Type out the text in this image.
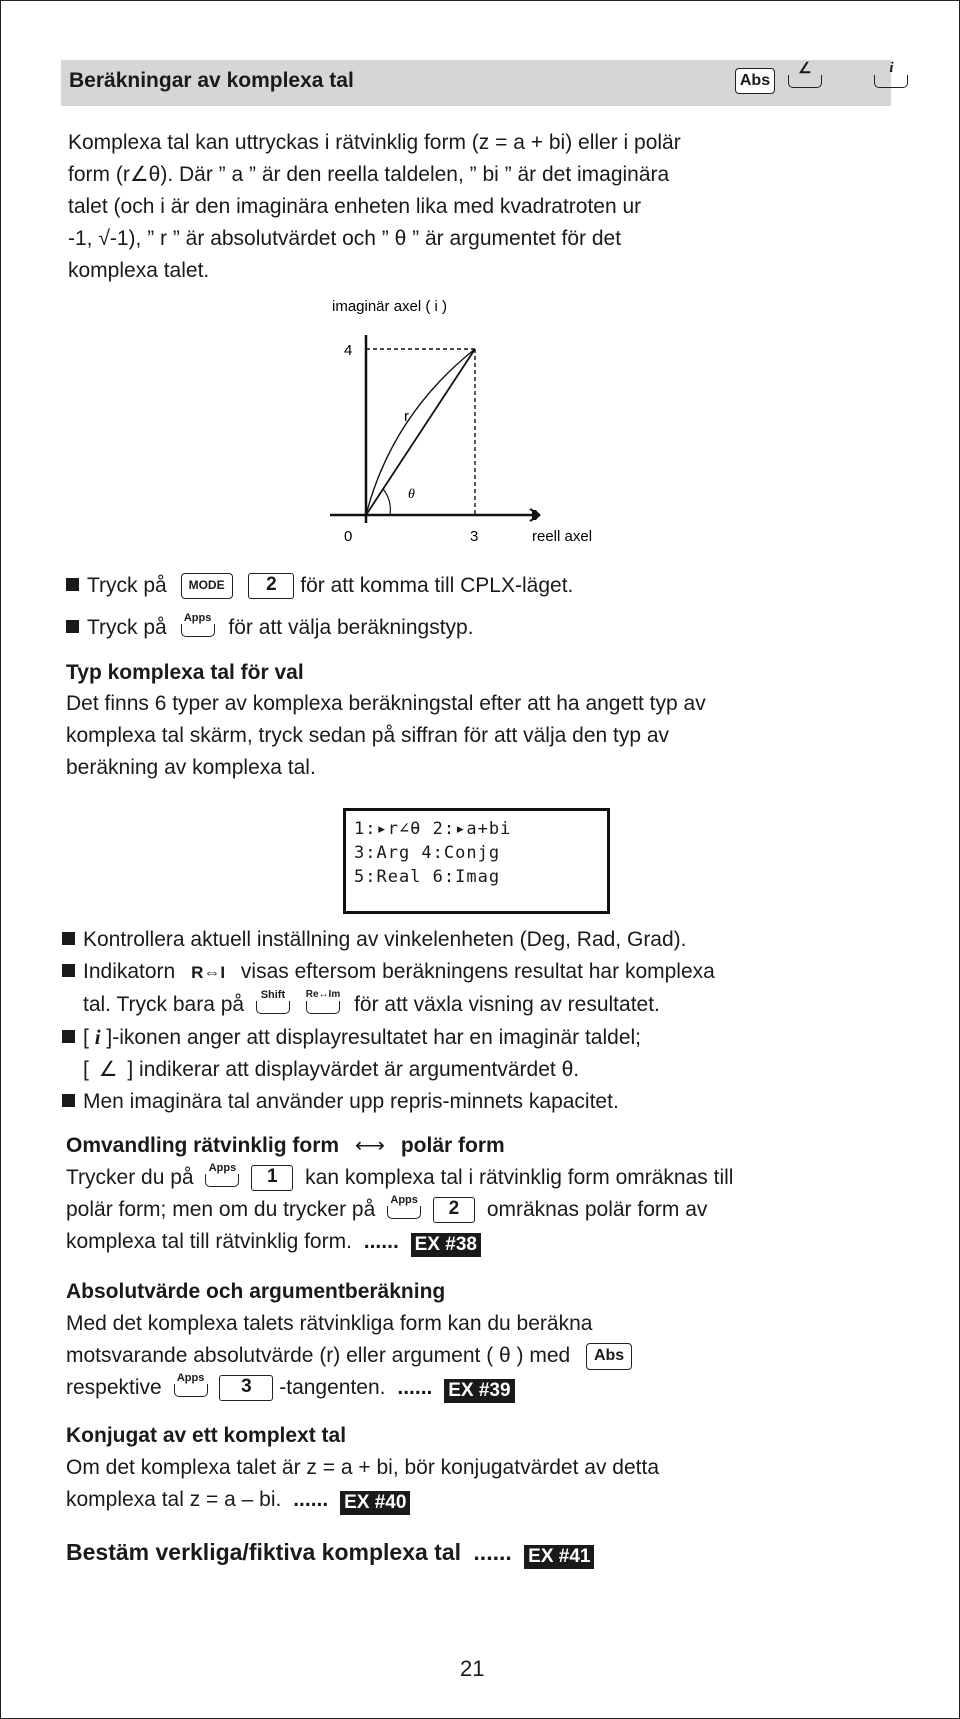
Beräkningar av komplexa tal	Abs
∠
	i
Komplexa tal kan uttryckas i rätvinklig form (z = a + bi) eller i polär
form (r∠θ). Där ” a ” är den reella taldelen, ” bi ” är det imaginära
talet (och i är den imaginära enheten lika med kvadratroten ur
-1, √-1), ” r ” är absolutvärdet och ” θ ” är argumentet för det
komplexa talet.
imaginär axel ( i )
4
r
θ
0	3	reell axel
Tryck på MODE 2 för att komma till CPLX-läget.
Tryck på Apps för att välja beräkningstyp.
Typ komplexa tal för val
Det finns 6 typer av komplexa beräkningstal efter att ha angett typ av
komplexa tal skärm, tryck sedan på siffran för att välja den typ av
beräkning av komplexa tal.
1:▸r∠θ 2:▸a+bi
3:Arg 4:Conjg
5:Real 6:Imag
Kontrollera aktuell inställning av vinkelenheten (Deg, Rad, Grad).
Indikatorn R⇔I visas eftersom beräkningens resultat har komplexa
tal. Tryck bara på	Shift
	Re↔Im för att växla visning av resultatet.
[ i ]-ikonen anger att displayresultatet har en imaginär taldel;
[ ∠ ] indikerar att displayvärdet är argumentvärdet θ.
Men imaginära tal använder upp repris-minnets kapacitet.
Omvandling rätvinklig form ⟷ polär form
Trycker du på Apps 1 kan komplexa tal i rätvinklig form omräknas till
polär form; men om du trycker på Apps 2 omräknas polär form av
komplexa tal till rätvinklig form. ...... EX #38
Absolutvärde och argumentberäkning
Med det komplexa talets rätvinkliga form kan du beräkna
motsvarande absolutvärde (r) eller argument ( θ ) med Abs
respektive Apps 3 -tangenten. ...... EX #39
Konjugat av ett komplext tal
Om det komplexa talet är z = a + bi, bör konjugatvärdet av detta
komplexa tal z = a – bi. ...... EX #40
Bestäm verkliga/fiktiva komplexa tal ...... EX #41
21
